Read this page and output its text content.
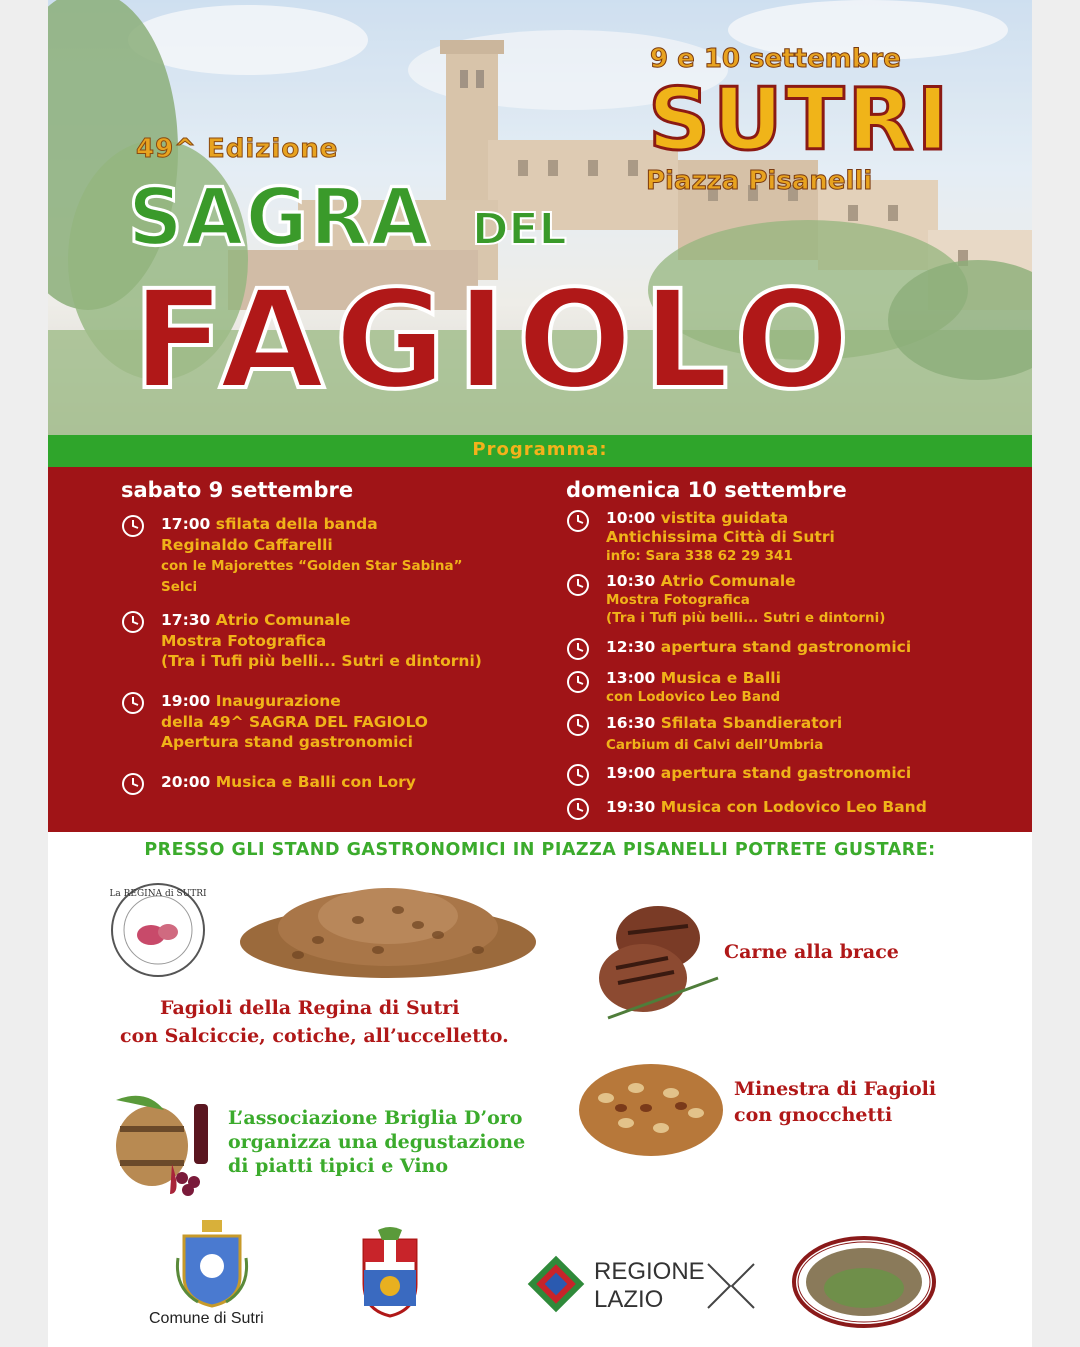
49^ Edizione
SAGRA DEL
FAGIOLO
9 e 10 settembre
SUTRI
Piazza Pisanelli
Programma:
sabato 9 settembre	domenica 10 settembre
17:00 sfilata della banda
Reginaldo Caffarelli
con le Majorettes “Golden Star Sabina”
Selci
17:30 Atrio Comunale
Mostra Fotografica
(Tra i Tufi più belli... Sutri e dintorni)
19:00 Inaugurazione
della 49^ SAGRA DEL FAGIOLO
Apertura stand gastronomici
20:00 Musica e Balli con Lory
10:00 vistita guidata
Antichissima Città di Sutri
info: Sara 338 62 29 341
10:30 Atrio Comunale
Mostra Fotografica
(Tra i Tufi più belli... Sutri e dintorni)
12:30 apertura stand gastronomici
13:00 Musica e Balli
con Lodovico Leo Band
16:30 Sfilata Sbandieratori
Carbium di Calvi dell’Umbria
19:00 apertura stand gastronomici
19:30 Musica con Lodovico Leo Band
PRESSO GLI STAND GASTRONOMICI IN PIAZZA PISANELLI POTRETE GUSTARE:
La REGINA di SUTRI
Fagioli della Regina di Sutri
con Salciccie, cotiche, all’uccelletto.
Carne alla brace
L’associazione Briglia D’oro
organizza una degustazione
di piatti tipici e Vino
Minestra di Fagioli
con gnocchetti
Comune di Sutri
REGIONE
LAZIO
